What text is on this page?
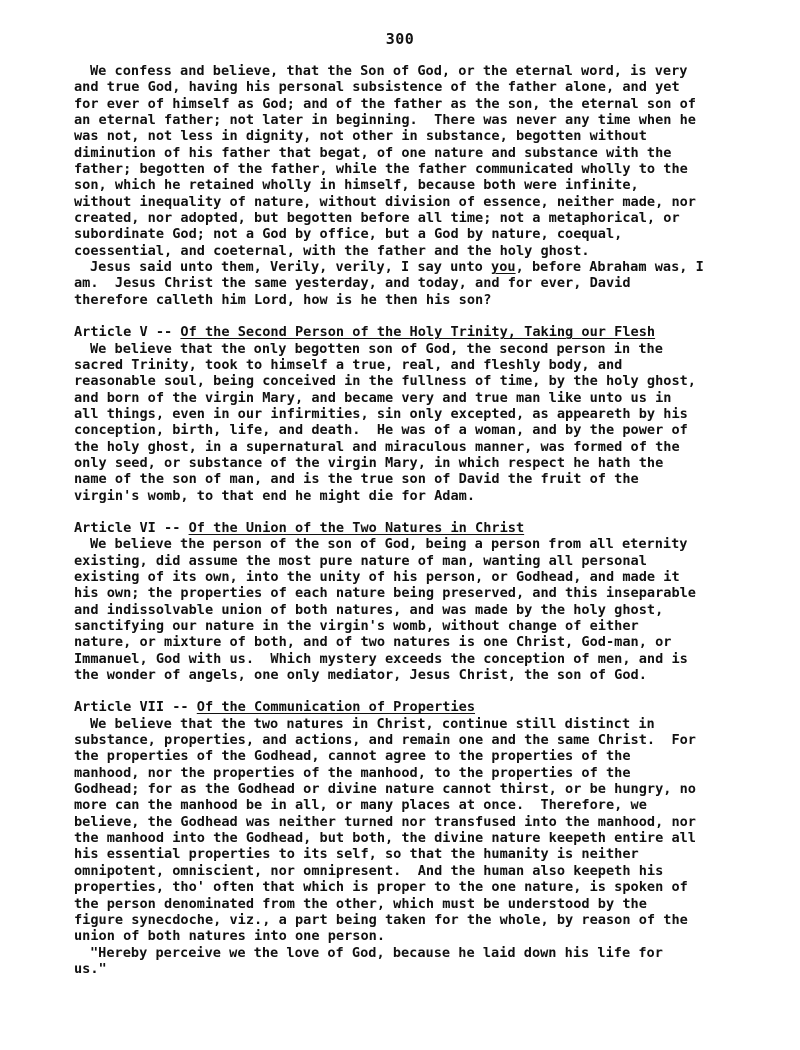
300
We confess and believe, that the Son of God, or the eternal word, is very
and true God, having his personal subsistence of the father alone, and yet
for ever of himself as God; and of the father as the son, the eternal son of
an eternal father; not later in beginning.  There was never any time when he
was not, not less in dignity, not other in substance, begotten without
diminution of his father that begat, of one nature and substance with the
father; begotten of the father, while the father communicated wholly to the
son, which he retained wholly in himself, because both were infinite,
without inequality of nature, without division of essence, neither made, nor
created, nor adopted, but begotten before all time; not a metaphorical, or
subordinate God; not a God by office, but a God by nature, coequal,
coessential, and coeternal, with the father and the holy ghost.
Jesus said unto them, Verily, verily, I say unto you, before Abraham was, I
am.  Jesus Christ the same yesterday, and today, and for ever, David
therefore calleth him Lord, how is he then his son?
Article V -- Of the Second Person of the Holy Trinity, Taking our Flesh
We believe that the only begotten son of God, the second person in the
sacred Trinity, took to himself a true, real, and fleshly body, and
reasonable soul, being conceived in the fullness of time, by the holy ghost,
and born of the virgin Mary, and became very and true man like unto us in
all things, even in our infirmities, sin only excepted, as appeareth by his
conception, birth, life, and death.  He was of a woman, and by the power of
the holy ghost, in a supernatural and miraculous manner, was formed of the
only seed, or substance of the virgin Mary, in which respect he hath the
name of the son of man, and is the true son of David the fruit of the
virgin's womb, to that end he might die for Adam.
Article VI -- Of the Union of the Two Natures in Christ
We believe the person of the son of God, being a person from all eternity
existing, did assume the most pure nature of man, wanting all personal
existing of its own, into the unity of his person, or Godhead, and made it
his own; the properties of each nature being preserved, and this inseparable
and indissolvable union of both natures, and was made by the holy ghost,
sanctifying our nature in the virgin's womb, without change of either
nature, or mixture of both, and of two natures is one Christ, God-man, or
Immanuel, God with us.  Which mystery exceeds the conception of men, and is
the wonder of angels, one only mediator, Jesus Christ, the son of God.
Article VII -- Of the Communication of Properties
We believe that the two natures in Christ, continue still distinct in
substance, properties, and actions, and remain one and the same Christ.  For
the properties of the Godhead, cannot agree to the properties of the
manhood, nor the properties of the manhood, to the properties of the
Godhead; for as the Godhead or divine nature cannot thirst, or be hungry, no
more can the manhood be in all, or many places at once.  Therefore, we
believe, the Godhead was neither turned nor transfused into the manhood, nor
the manhood into the Godhead, but both, the divine nature keepeth entire all
his essential properties to its self, so that the humanity is neither
omnipotent, omniscient, nor omnipresent.  And the human also keepeth his
properties, tho' often that which is proper to the one nature, is spoken of
the person denominated from the other, which must be understood by the
figure synecdoche, viz., a part being taken for the whole, by reason of the
union of both natures into one person.
"Hereby perceive we the love of God, because he laid down his life for
us."
